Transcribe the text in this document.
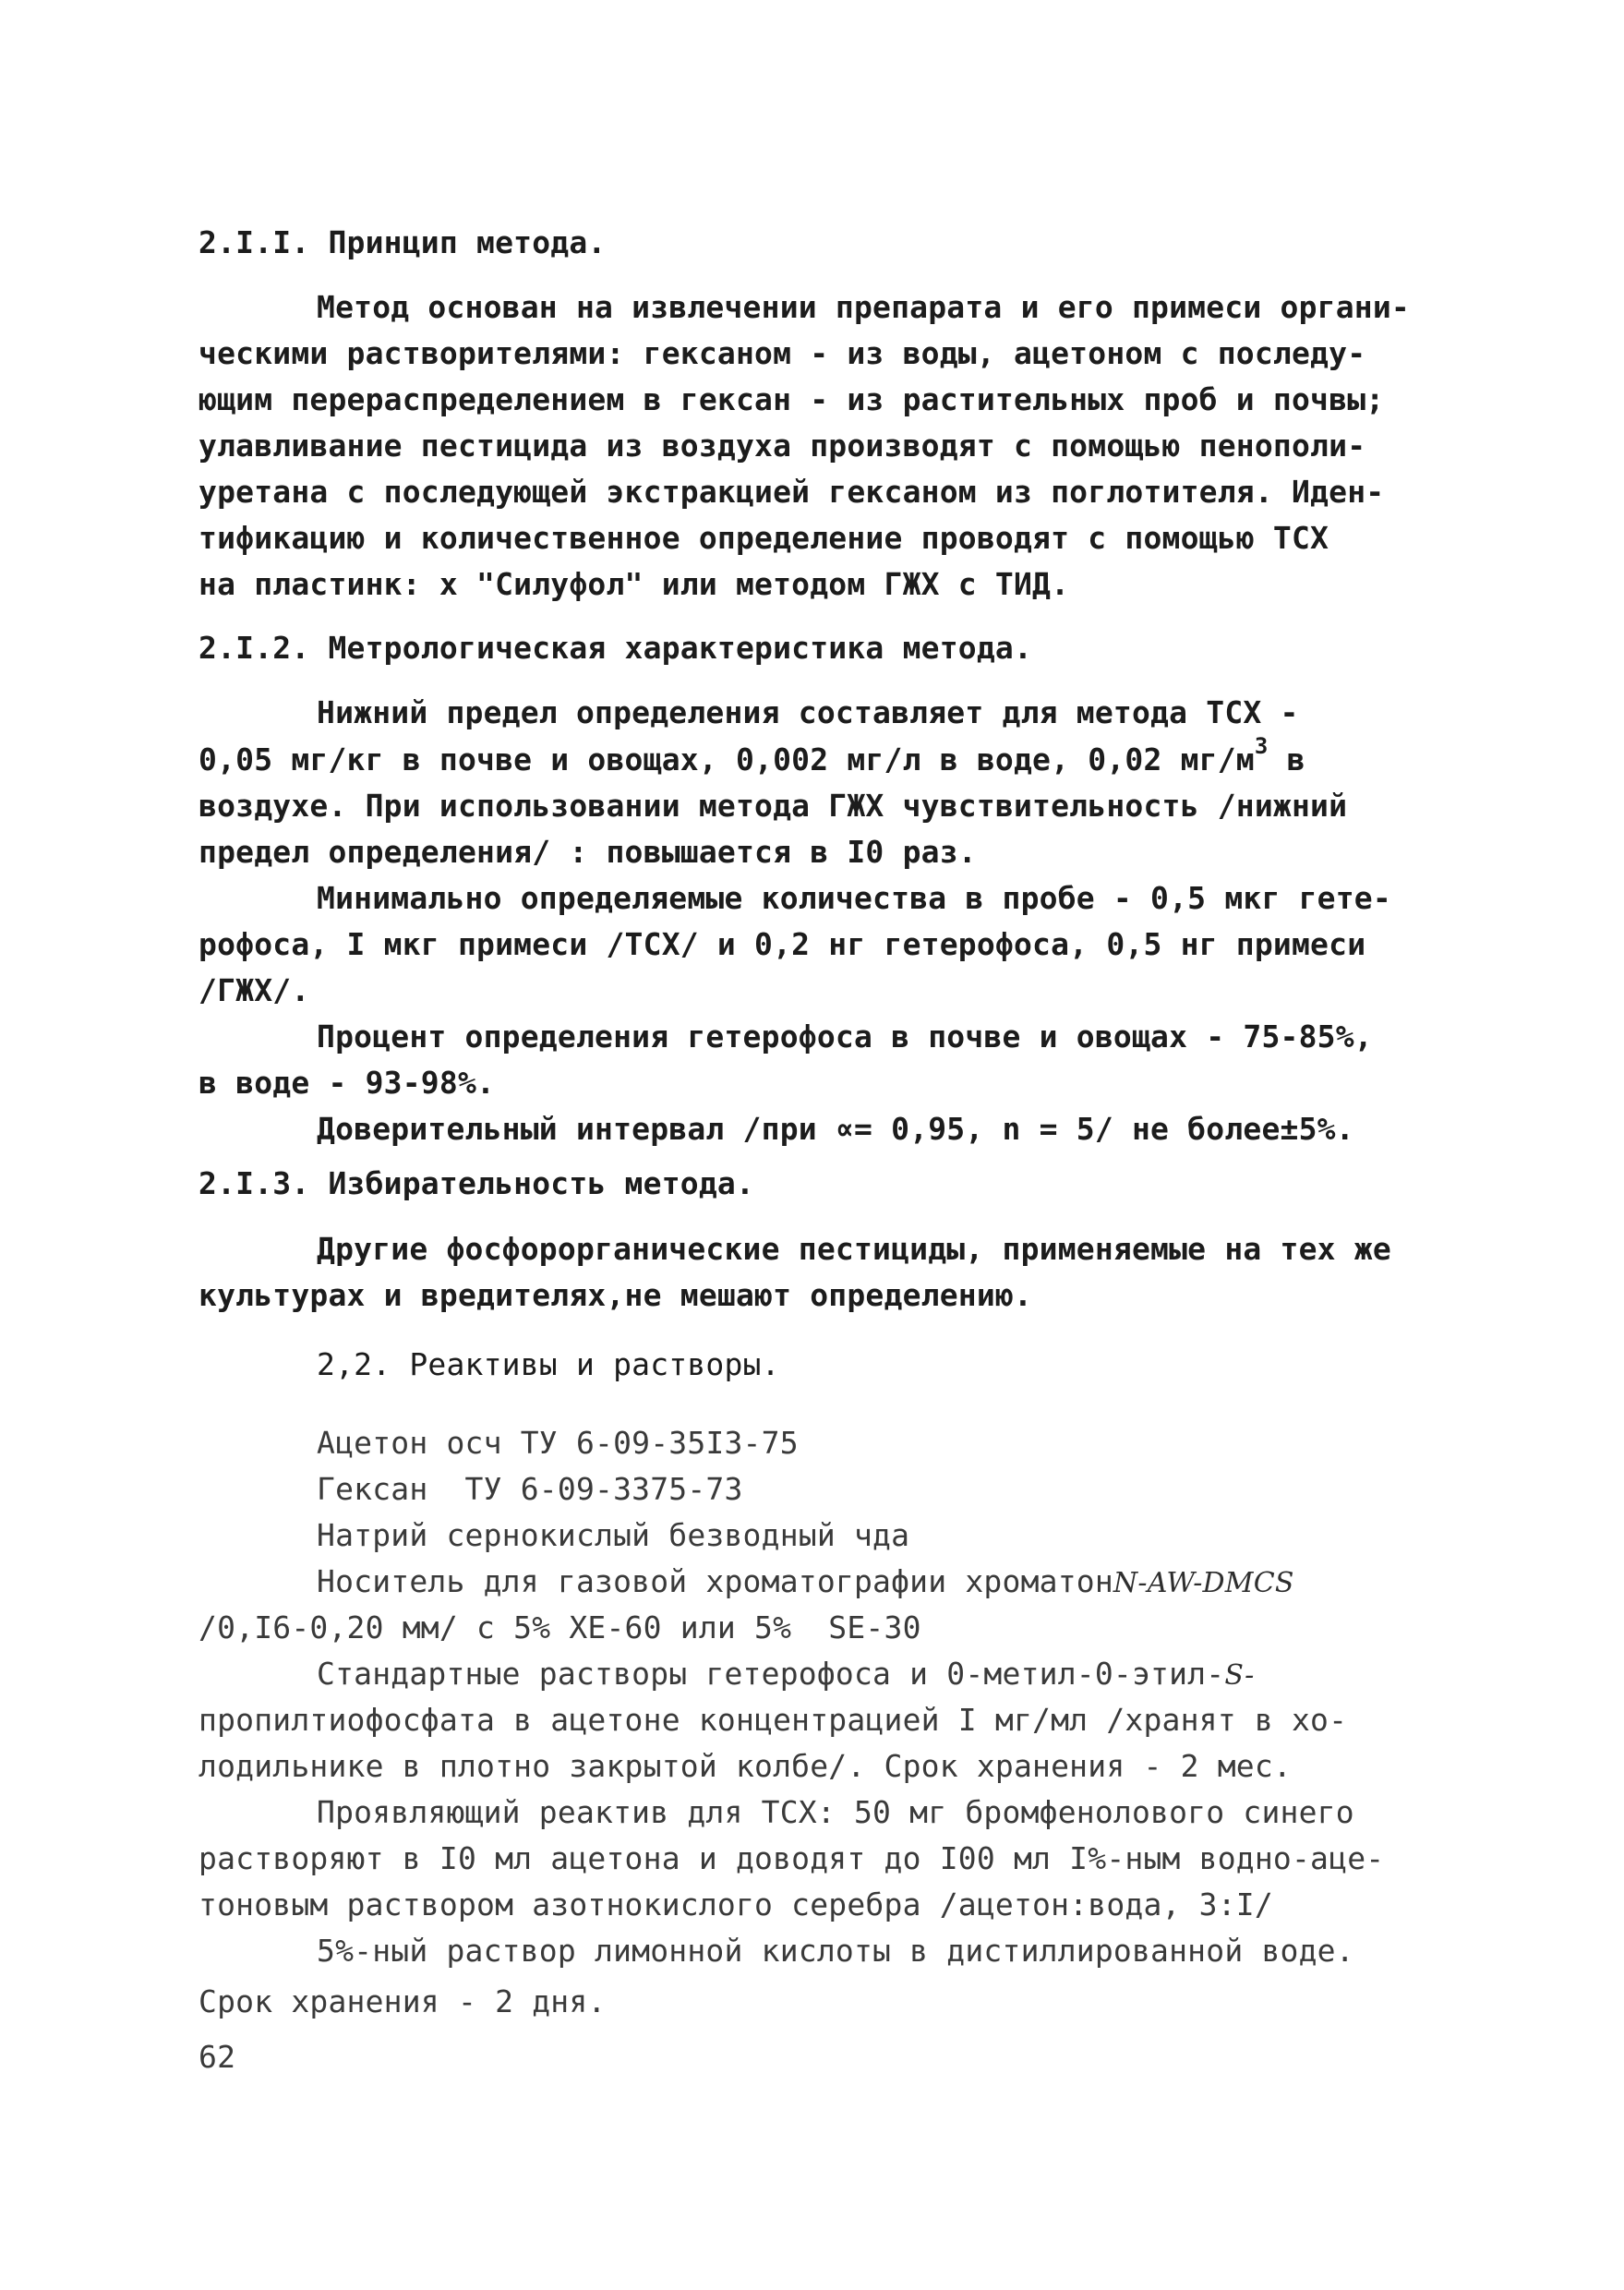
2.I.I. Принцип метода.
Метод основан на извлечении препарата и его примеси органи-
ческими растворителями: гексаном - из воды, ацетоном с последу-
ющим перераспределением в гексан - из растительных проб и почвы;
улавливание пестицида из воздуха производят с помощью пенополи-
уретана с последующей экстракцией гексаном из поглотителя. Иден-
тификацию и количественное определение проводят с помощью ТСХ
на пластинк: х "Силуфол" или методом ГЖХ с ТИД.
2.I.2. Метрологическая характеристика метода.
Нижний предел определения составляет для метода ТСХ -
0,05 мг/кг в почве и овощах, 0,002 мг/л в воде, 0,02 $мг/м^3$ в
воздухе. При использовании метода ГЖХ чувствительность /нижний
предел определения/ : повышается в I0 раз.
Минимально определяемые количества в пробе - 0,5 мкг гете-
рофоса, I мкг примеси /ТСХ/ и 0,2 нг гетерофоса, 0,5 нг примеси
/ГЖХ/.
Процент определения гетерофоса в почве и овощах - 75-85%,
в воде - 93-98%.
Доверительный интервал /при ∝= 0,95, n = 5/ не более±5%.
2.I.3. Избирательность метода.
Другие фосфорорганические пестициды, применяемые на тех же
культурах и вредителях,не мешают определению.
2,2. Реактивы и растворы.
Ацетон осч ТУ 6-09-35I3-75
Гексан  ТУ 6-09-3375-73
Натрий сернокислый безводный чда
Носитель для газовой хроматографии хроматонN-AW-DMCS
/0,I6-0,20 мм/ с 5% ХЕ-60 или 5%  SE-30
Стандартные растворы гетерофоса и 0-метил-0-этил-S-
пропилтиофосфата в ацетоне концентрацией I мг/мл /хранят в хо-
лодильнике в плотно закрытой колбе/. Срок хранения - 2 мес.
Проявляющий реактив для ТСХ: 50 мг бромфенолового синего
растворяют в I0 мл ацетона и доводят до I00 мл I%-ным водно-аце-
тоновым раствором азотнокислого серебра /ацетон:вода, 3:I/
5%-ный раствор лимонной кислоты в дистиллированной воде.
Срок хранения - 2 дня.
62
